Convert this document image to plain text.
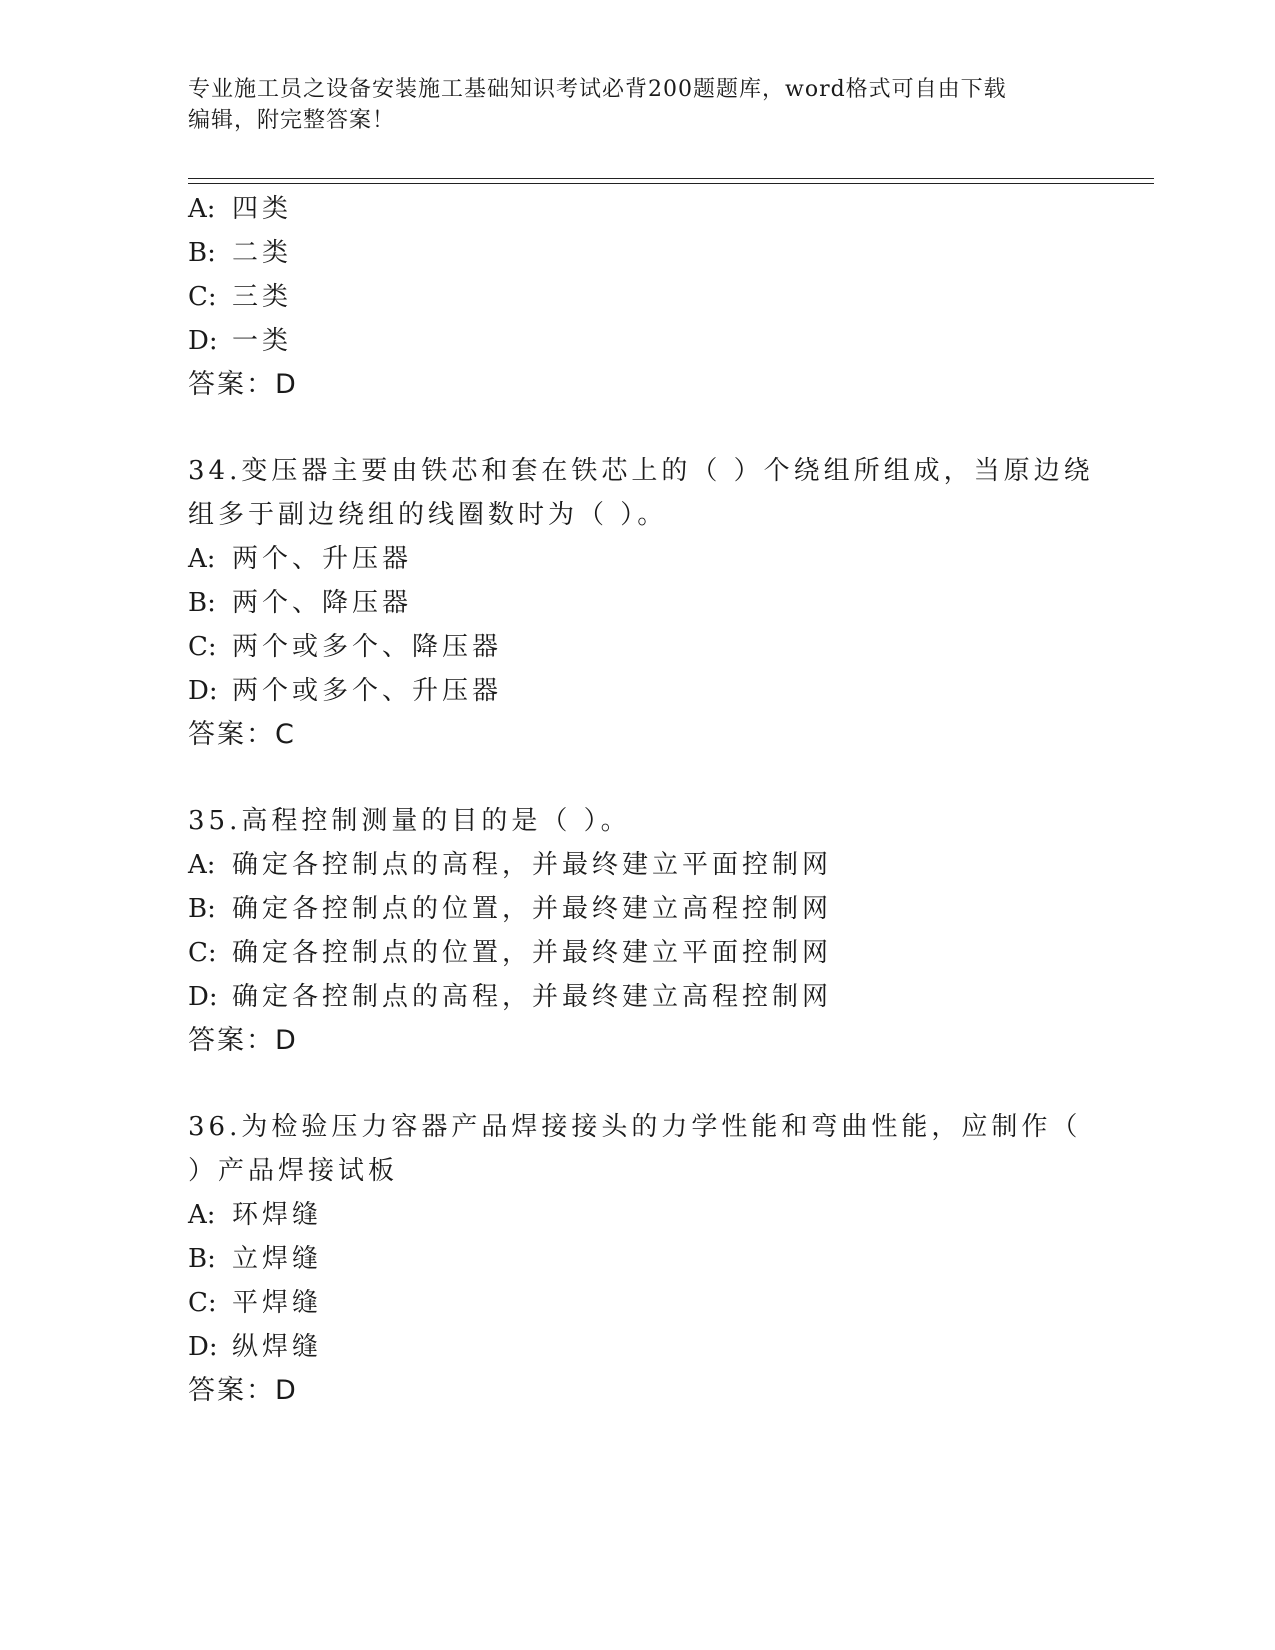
专业施工员之设备安装施工基础知识考试必背200题题库，word格式可自由下载
编辑，附完整答案！
A: 四类
B: 二类
C: 三类
D: 一类
答案：D
34.变压器主要由铁芯和套在铁芯上的（ ）个绕组所组成，当原边绕
组多于副边绕组的线圈数时为（ ）。
A: 两个、升压器
B: 两个、降压器
C: 两个或多个、降压器
D: 两个或多个、升压器
答案：C
35.高程控制测量的目的是（ ）。
A: 确定各控制点的高程，并最终建立平面控制网
B: 确定各控制点的位置，并最终建立高程控制网
C: 确定各控制点的位置，并最终建立平面控制网
D: 确定各控制点的高程，并最终建立高程控制网
答案：D
36.为检验压力容器产品焊接接头的力学性能和弯曲性能，应制作（
）产品焊接试板
A: 环焊缝
B: 立焊缝
C: 平焊缝
D: 纵焊缝
答案：D
